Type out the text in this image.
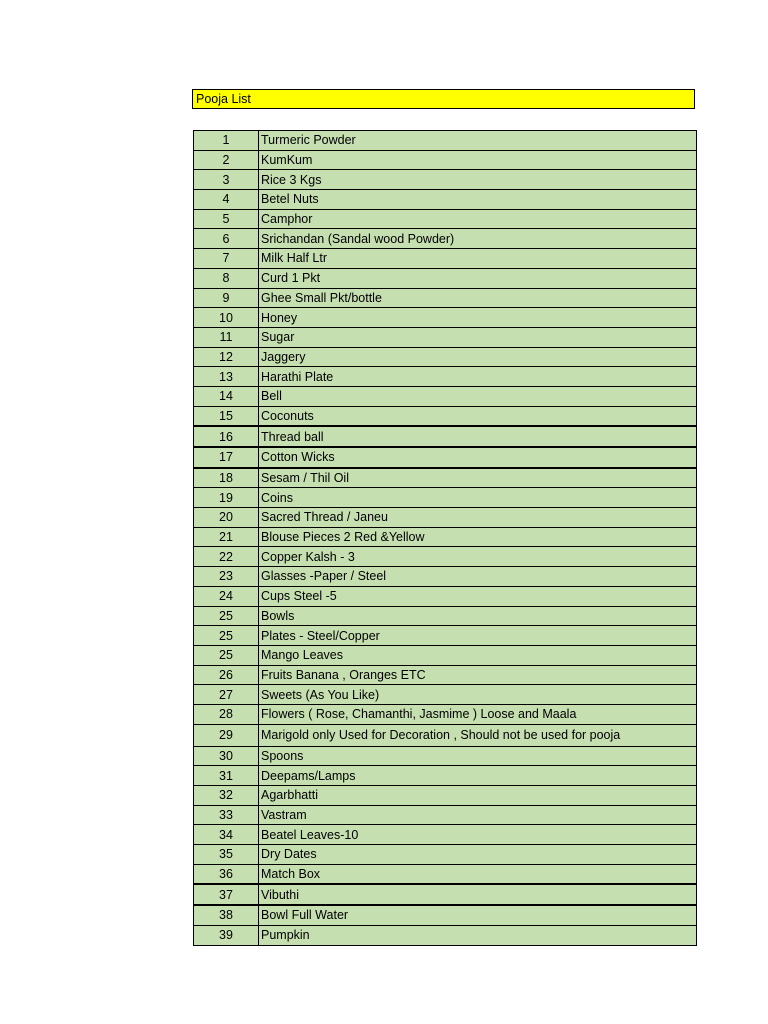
Pooja List
1	Turmeric Powder
2	KumKum
3	Rice 3 Kgs
4	Betel Nuts
5	Camphor
6	Srichandan (Sandal wood Powder)
7	Milk Half Ltr
8	Curd 1 Pkt
9	Ghee Small Pkt/bottle
10	Honey
11	Sugar
12	Jaggery
13	Harathi Plate
14	Bell
15	Coconuts
16	Thread ball
17	Cotton Wicks
18	Sesam / Thil Oil
19	Coins
20	Sacred Thread / Janeu
21	Blouse Pieces 2 Red &Yellow
22	Copper Kalsh - 3
23	Glasses -Paper / Steel
24	Cups Steel -5
25	Bowls
25	Plates - Steel/Copper
25	Mango Leaves
26	Fruits Banana , Oranges ETC
27	Sweets (As You Like)
28	Flowers ( Rose, Chamanthi, Jasmime ) Loose and Maala
29	Marigold only Used for Decoration , Should not be used for pooja
30	Spoons
31	Deepams/Lamps
32	Agarbhatti
33	Vastram
34	Beatel Leaves-10
35	Dry Dates
36	Match Box
37	Vibuthi
38	Bowl Full Water
39	Pumpkin
